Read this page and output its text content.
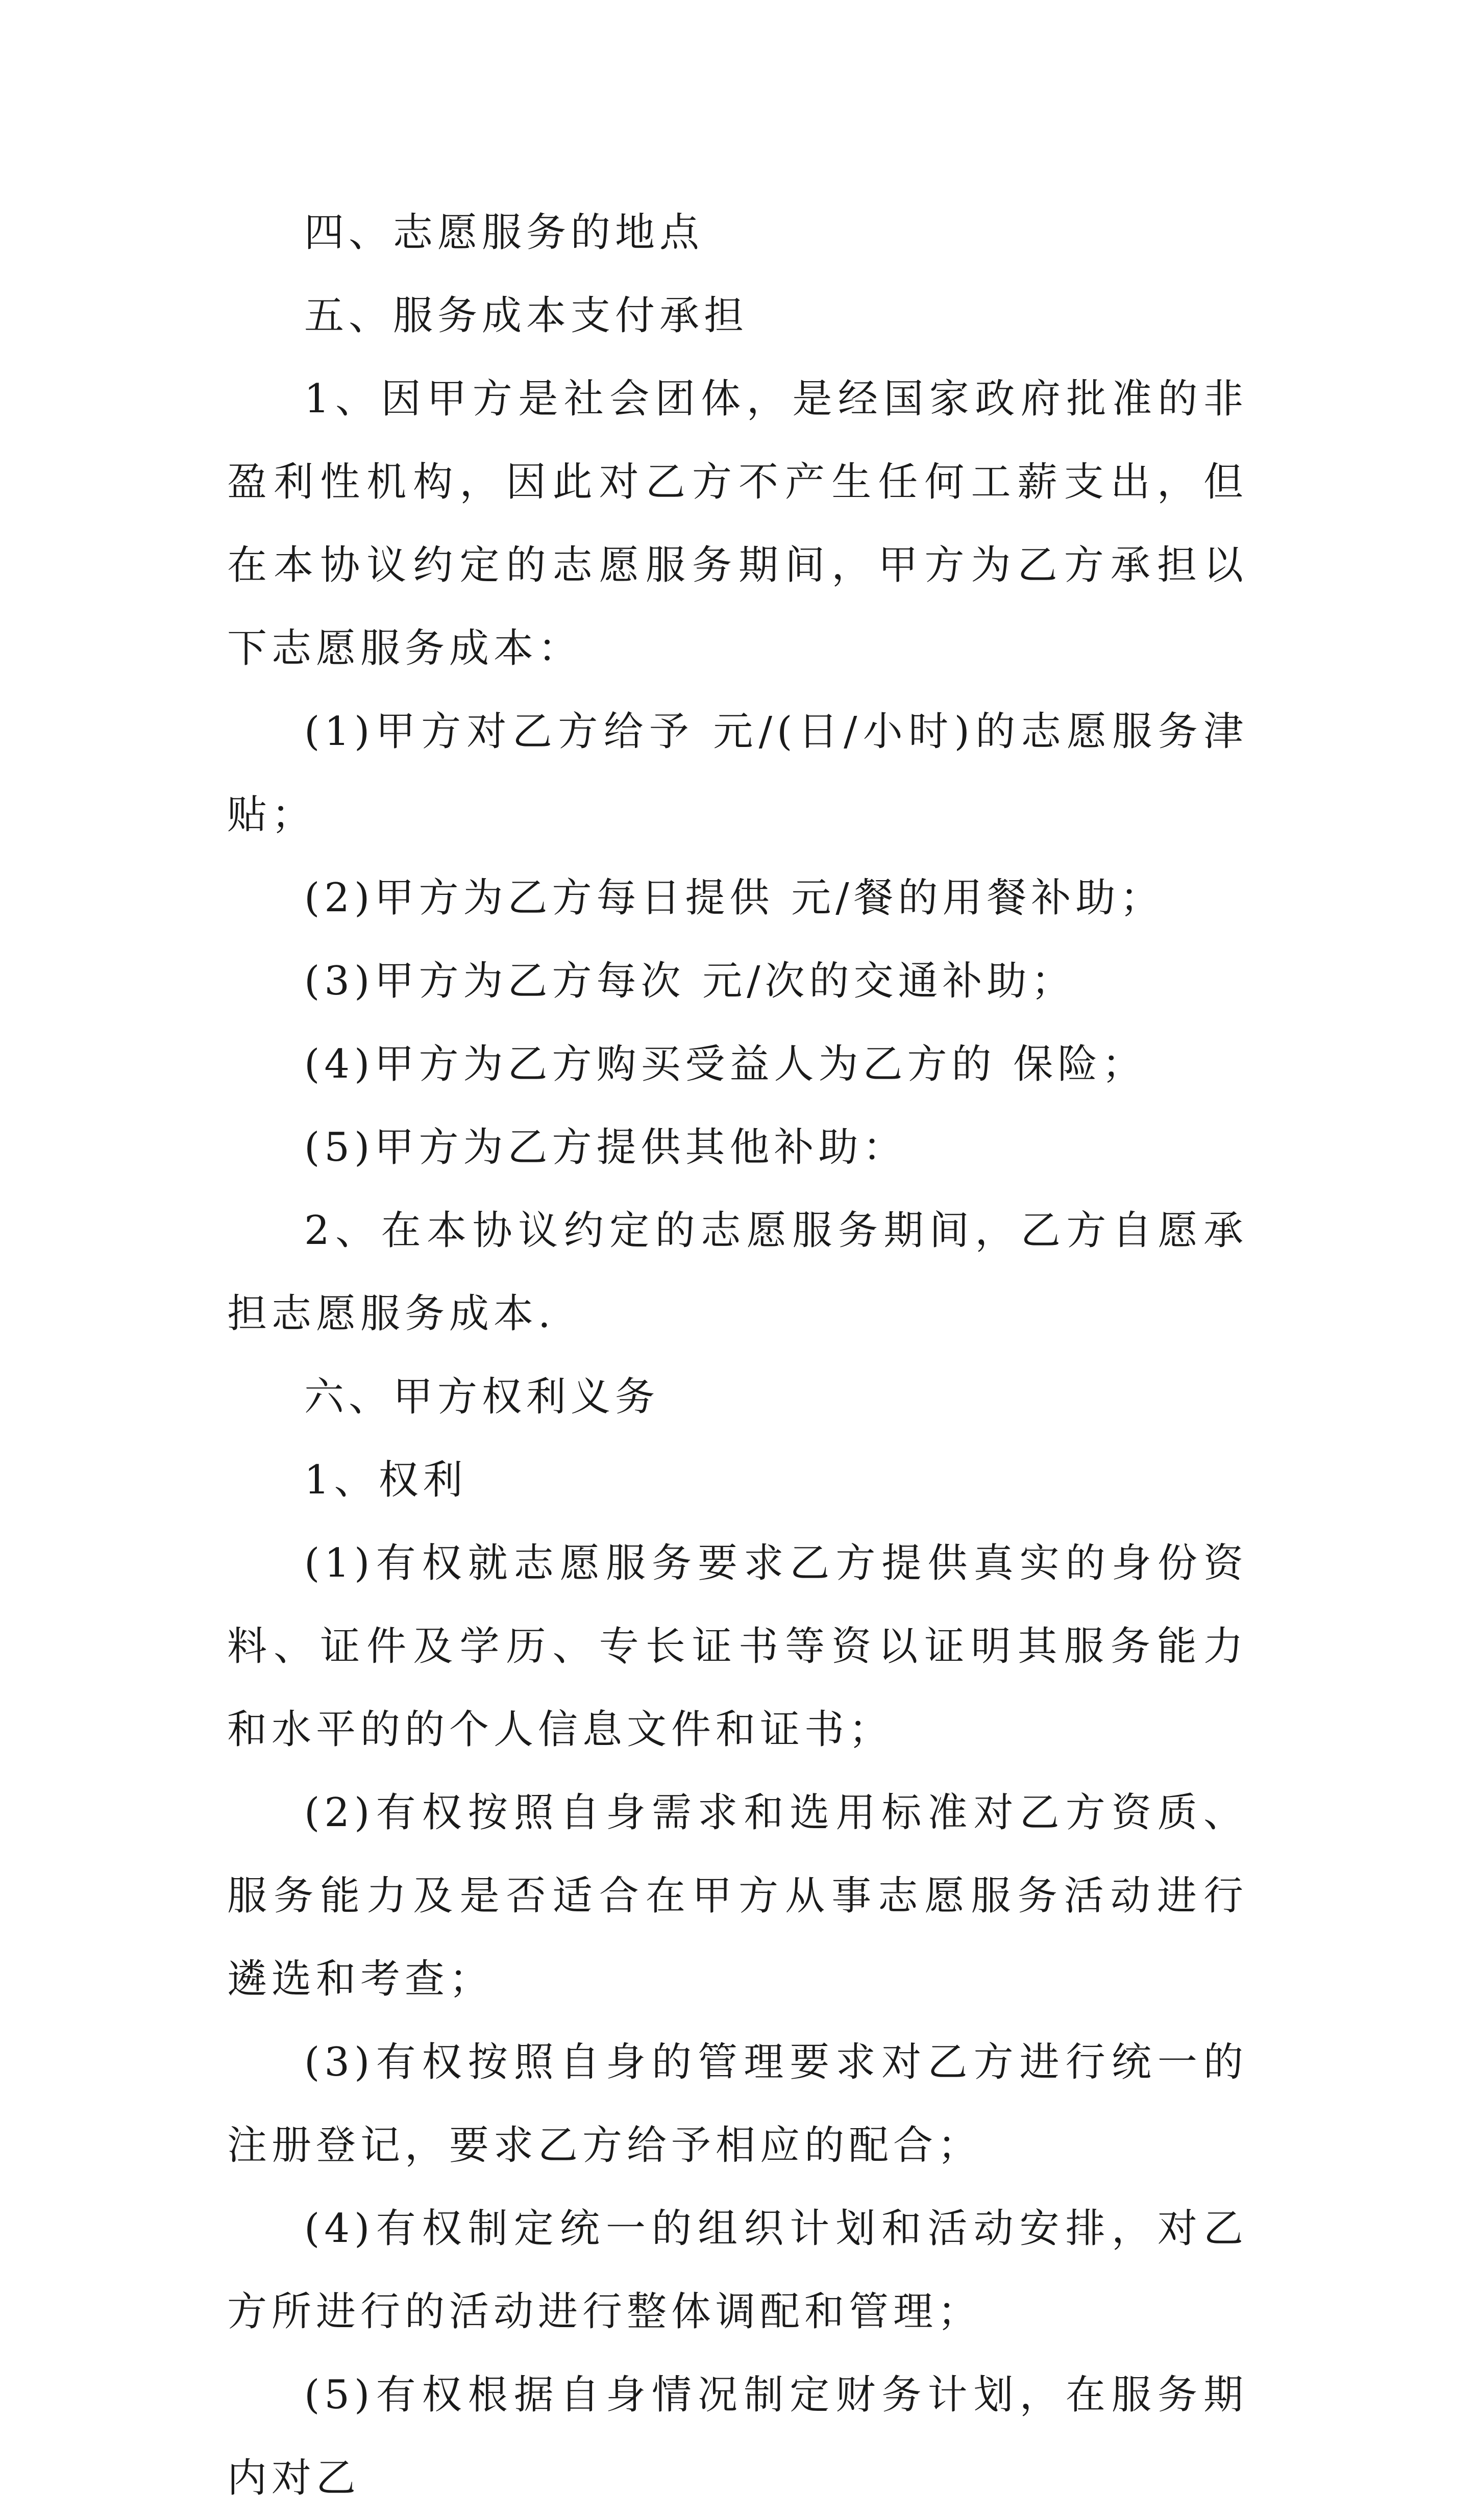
四、志愿服务的地点

五、服务成本支付承担

1、因甲方是社会团体，是经国家政府批准的非盈利性机构，因此对乙方不产生任何工薪支出，但在本协议约定的志愿服务期间，甲方为乙方承担以下志愿服务成本：

(1)甲方对乙方给予 元/(日/小时)的志愿服务津贴；

(2)甲方为乙方每日提供 元/餐的用餐补助；

(3)甲方为乙方每次 元/次的交通补助；

(4)甲方为乙方购买受益人为乙方的 保险；

(5)甲方为乙方提供其他补助：

2、在本协议约定的志愿服务期间，乙方自愿承担志愿服务成本.

六、甲方权利义务

1、权利

(1)有权就志愿服务要求乙方提供真实的身份资料、证件及学历、专长证书等资以证明其服务能力和水平的的个人信息文件和证书；

(2)有权按照自身需求和选用标准对乙方资质、服务能力及是否适合在甲方从事志愿服务活动进行遴选和考查；

(3)有权按照自身的管理要求对乙方进行统一的注册登记，要求乙方给予相应的配合；

(4)有权制定统一的组织计划和活动安排，对乙方所进行的活动进行整体调配和管理；

(5)有权根据自身情况制定财务计划，在服务期内对乙
